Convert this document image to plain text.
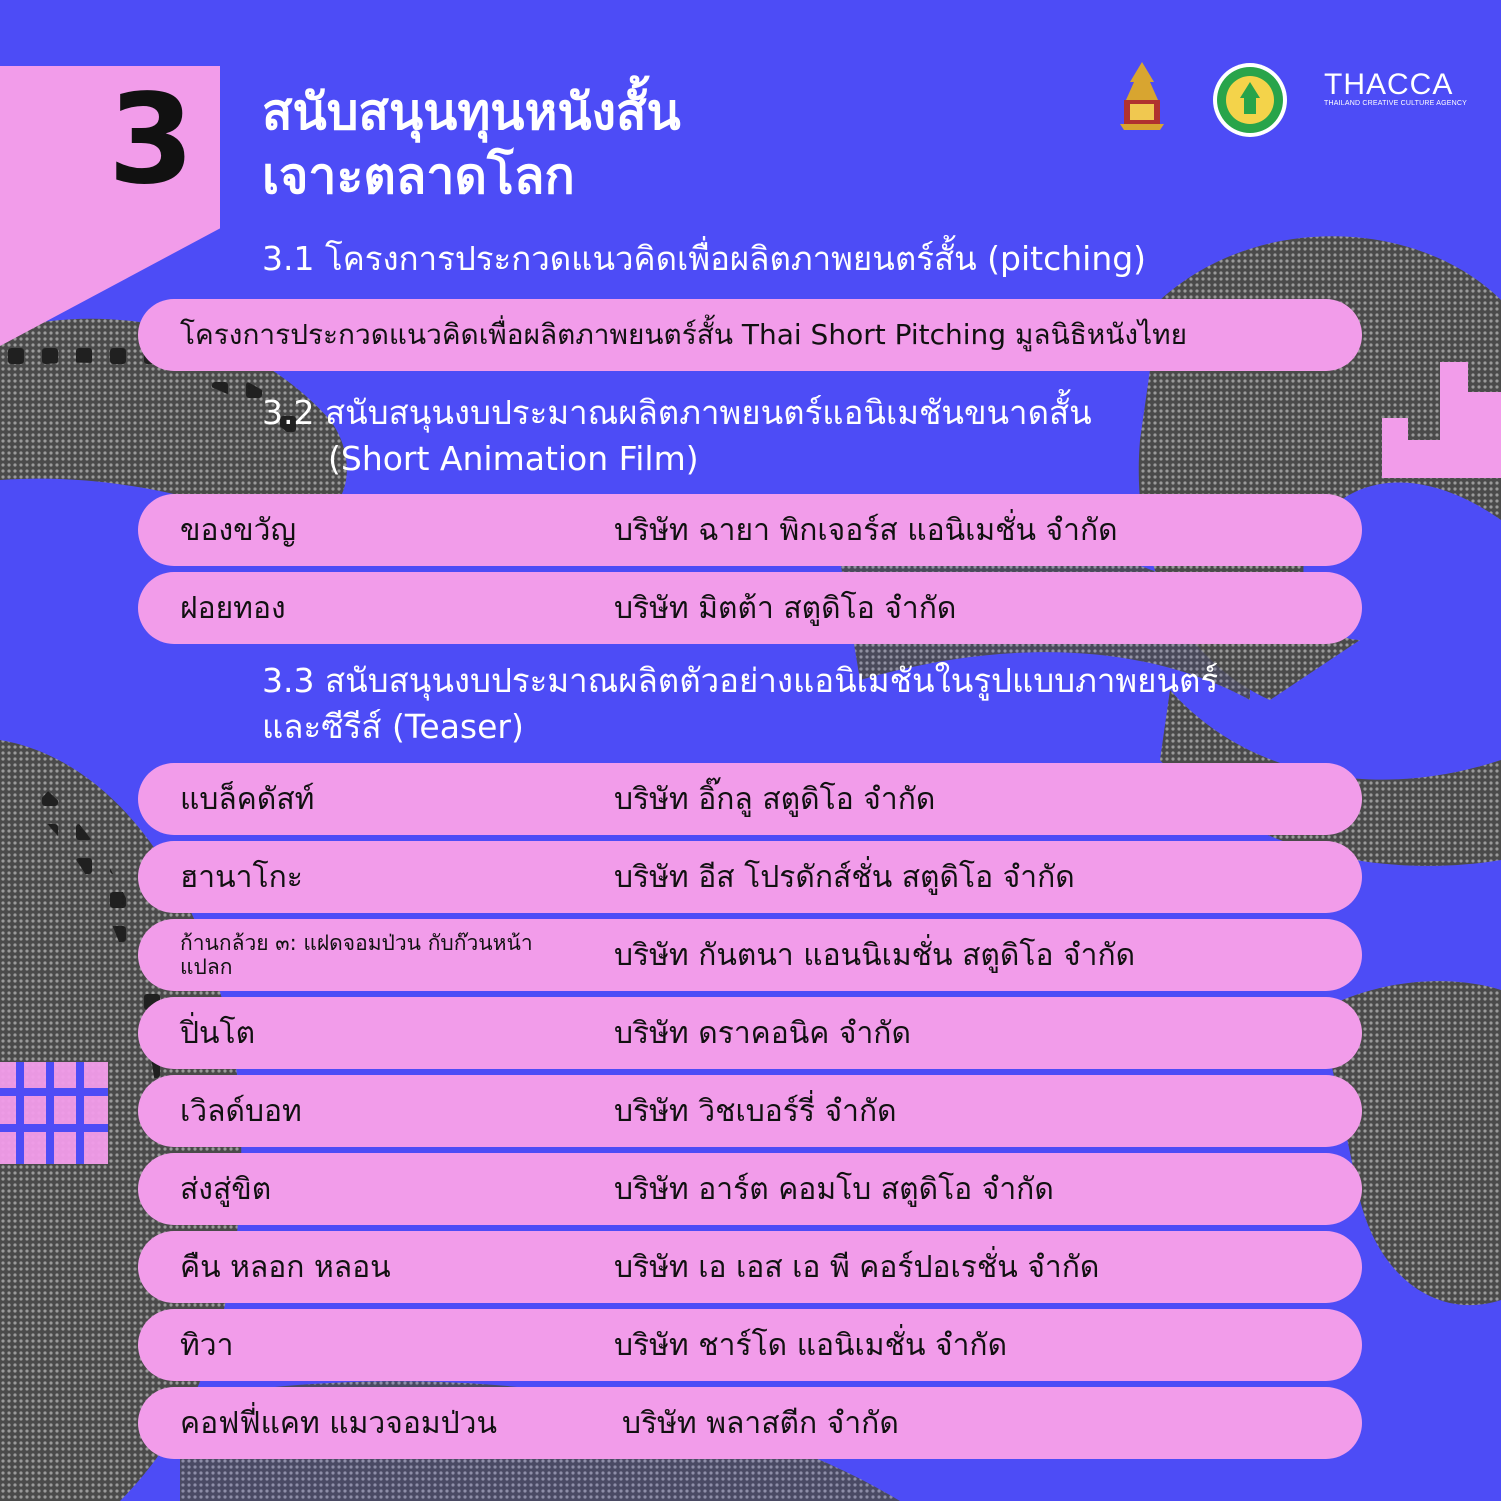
3 สนับสนุนทุนหนังสั้น
เจาะตลาดโลก
THACCA
THAILAND CREATIVE CULTURE AGENCY
3.1 โครงการประกวดแนวคิดเพื่อผลิตภาพยนตร์สั้น (pitching)
โครงการประกวดแนวคิดเพื่อผลิตภาพยนตร์สั้น Thai Short Pitching มูลนิธิหนังไทย
3.2 สนับสนุนงบประมาณผลิตภาพยนตร์แอนิเมชันขนาดสั้น
(Short Animation Film)
ของขวัญ	บริษัท ฉายา พิกเจอร์ส แอนิเมชั่น จำกัด
ฝอยทอง	บริษัท มิตต้า สตูดิโอ จำกัด
3.3 สนับสนุนงบประมาณผลิตตัวอย่างแอนิเมชันในรูปแบบภาพยนตร์
และซีรีส์ (Teaser)
แบล็คดัสท์	บริษัท อิ๊กลู สตูดิโอ จำกัด
ฮานาโกะ	บริษัท อีส โปรดักส์ชั่น สตูดิโอ จำกัด
ก้านกล้วย ๓: แฝดจอมป่วน กับก๊วนหน้าแปลก	บริษัท กันตนา แอนนิเมชั่น สตูดิโอ จำกัด
ปิ่นโต	บริษัท ดราคอนิค จำกัด
เวิลด์บอท	บริษัท วิชเบอร์รี่ จำกัด
ส่งสู่ขิต	บริษัท อาร์ต คอมโบ สตูดิโอ จำกัด
คืน หลอก หลอน	บริษัท เอ เอส เอ พี คอร์ปอเรชั่น จำกัด
ทิวา	บริษัท ชาร์โด แอนิเมชั่น จำกัด
คอฟฟี่แคท แมวจอมป่วน	บริษัท พลาสตีก จำกัด
